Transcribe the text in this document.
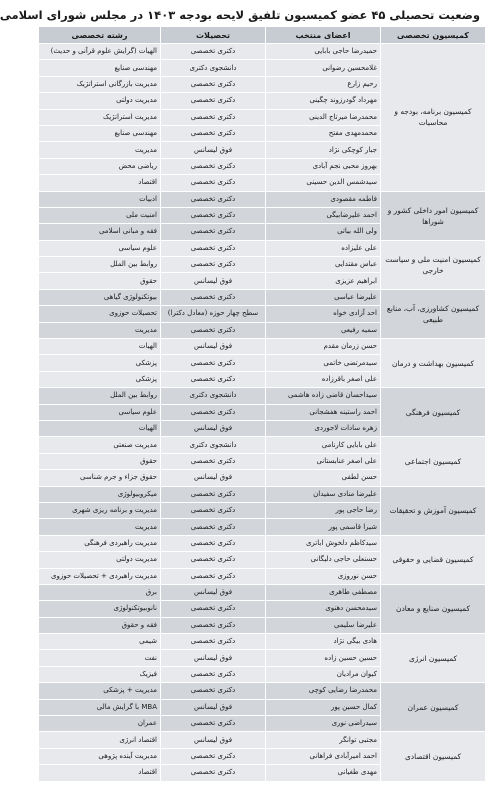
وضعیت تحصیلی ۴۵ عضو کمیسیون تلفیق لایحه بودجه ۱۴۰۳ در مجلس شورای اسلامی
کمیسیون تخصصی	اعضای منتخب	تحصیلات	رشته تخصصی
کمیسیون برنامه، بودجه و محاسبات	حمیدرضا حاجی بابایی	دکتری تخصصی	الهیات (گرایش علوم قرآنی و حدیث)
	غلامحسین رضوانی	دانشجوی دکتری	مهندسی صنایع
	رحیم زارع	دکتری تخصصی	مدیریت بازرگانی استراتژیک
	مهرداد گودرزوند چگینی	دکتری تخصصی	مدیریت دولتی
	محمدرضا میرتاج الدینی	دکتری تخصصی	مدیریت استراتژیک
	محمدمهدی مفتح	دکتری تخصصی	مهندسی صنایع
	جبار کوچکی نژاد	فوق لیسانس	مدیریت
	بهروز محبی نجم آبادی	دکتری تخصصی	ریاضی محض
	سیدشمس الدین حسینی	دکتری تخصصی	اقتصاد
کمیسیون امور داخلی کشور و شوراها	فاطمه مقصودی	دکتری تخصصی	ادبیات
	احمد علیرضابیگی	دکتری تخصصی	امنیت ملی
	ولی الله بیاتی	دکتری تخصصی	فقه و مبانی اسلامی
کمیسیون امنیت ملی و سیاست خارجی	علی علیزاده	دکتری تخصصی	علوم سیاسی
	عباس مقتدایی	دکتری تخصصی	روابط بین الملل
	ابراهیم عزیزی	فوق لیسانس	حقوق
کمیسیون کشاورزی، آب، منابع طبیعی	علیرضا عباسی	دکتری تخصصی	بیوتکنولوژی گیاهی
	احد آزادی خواه	سطح چهار حوزه (معادل دکترا)	تحصیلات حوزوی
	سمیه رفیعی	دکتری تخصصی	مدیریت
کمیسیون بهداشت و درمان	حسن زرمان مقدم	فوق لیسانس	الهیات
	سیدمرتضی خاتمی	دکتری تخصصی	پزشکی
	علی اصغر باقرزاده	دکتری تخصصی	پزشکی
کمیسیون فرهنگی	سیداحسان قاضی زاده هاشمی	دانشجوی دکتری	روابط بین الملل
	احمد راستینه هفشجانی	دکتری تخصصی	علوم سیاسی
	زهره سادات لاجوردی	فوق لیسانس	الهیات
کمیسیون اجتماعی	علی بابایی کارنامی	دانشجوی دکتری	مدیریت صنعتی
	علی اصغر عنابستانی	دکتری تخصصی	حقوق
	حسن لطفی	فوق لیسانس	حقوق جزاء و جرم شناسی
کمیسیون آموزش و تحقیقات	علیرضا منادی سفیدان	دکتری تخصصی	میکروبیولوژی
	رضا حاجی پور	دکتری تخصصی	مدیریت و برنامه ریزی شهری
	شیرا قاسمی پور	دکتری تخصصی	مدیریت
کمیسیون قضایی و حقوقی	سیدکاظم دلخوش اباتری	دکتری تخصصی	مدیریت راهبردی فرهنگی
	حسنعلی حاجی دلیگانی	دکتری تخصصی	مدیریت دولتی
	حسن نوروزی	دکتری تخصصی	مدیریت راهبردی + تحصیلات حوزوی
کمیسیون صنایع و معادن	مصطفی طاهری	فوق لیسانس	برق
	سیدمحسن دهنوی	دکتری تخصصی	نانوبیوتکنولوژی
	علیرضا سلیمی	دکتری تخصصی	فقه و حقوق
کمیسیون انرژی	هادی بیگی نژاد	دکتری تخصصی	شیمی
	حسین حسین زاده	فوق لیسانس	نفت
	کیوان مرادیان	دکتری تخصصی	فیزیک
کمیسیون عمران	محمدرضا رضایی کوچی	دکتری تخصصی	مدیریت + پزشکی
	کمال حسین پور	فوق لیسانس	MBA با گرایش مالی
	سیدراضی نوری	دکتری تخصصی	عمران
کمیسیون اقتصادی	مجتبی توانگر	فوق لیسانس	اقتصاد انرژی
	احمد امیرآبادی فراهانی	دکتری تخصصی	مدیریت آینده پژوهی
	مهدی طغیانی	دکتری تخصصی	اقتصاد
